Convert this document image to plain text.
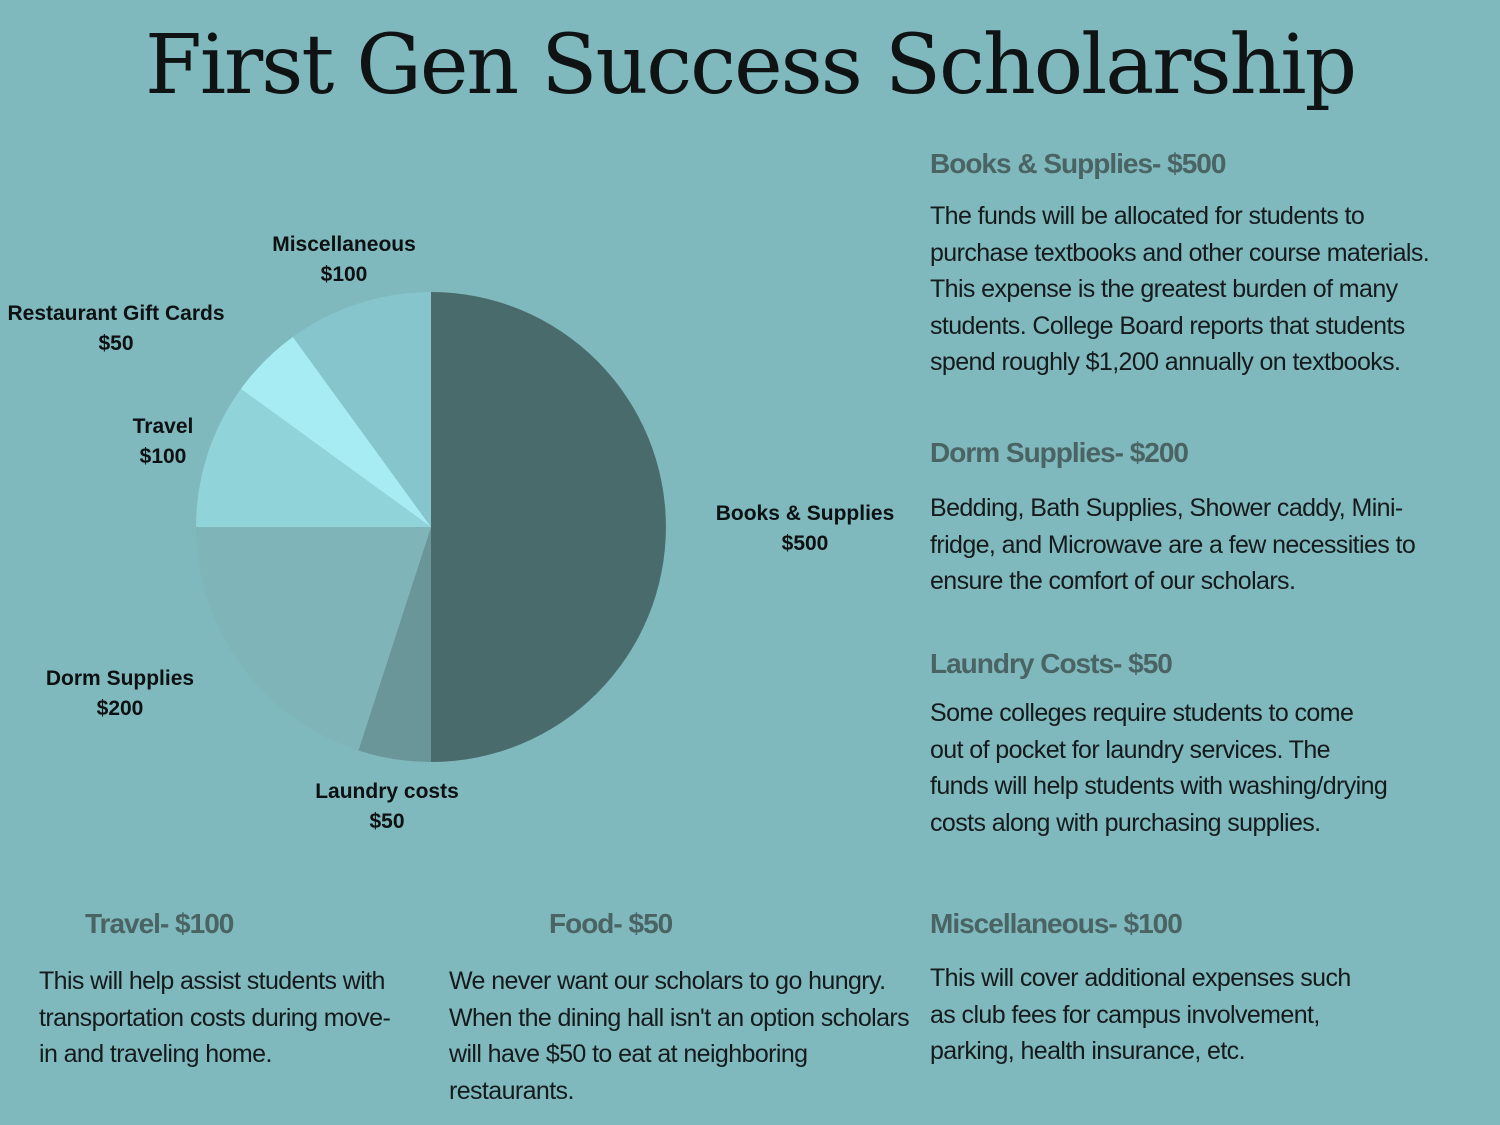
First Gen Success Scholarship
Books & Supplies
$500
Laundry costs
$50
Dorm Supplies
$200
Travel
$100
Restaurant Gift Cards
$50
Miscellaneous
$100
Books & Supplies- $500

The funds will be allocated for students to purchase textbooks and other course materials. This expense is the greatest burden of many students. College Board reports that students spend roughly $1,200 annually on textbooks.

Dorm Supplies- $200

Bedding, Bath Supplies, Shower caddy, Mini-fridge, and Microwave are a few necessities to ensure the comfort of our scholars.

Laundry Costs- $50

Some colleges require students to come out of pocket for laundry services. The funds will help students with washing/drying costs along with purchasing supplies.

Travel- $100

This will help assist students with transportation costs during move-in and traveling home.

Food- $50

We never want our scholars to go hungry. When the dining hall isn't an option scholars will have $50 to eat at neighboring restaurants.

Miscellaneous- $100

This will cover additional expenses such as club fees for campus involvement, parking, health insurance, etc.
